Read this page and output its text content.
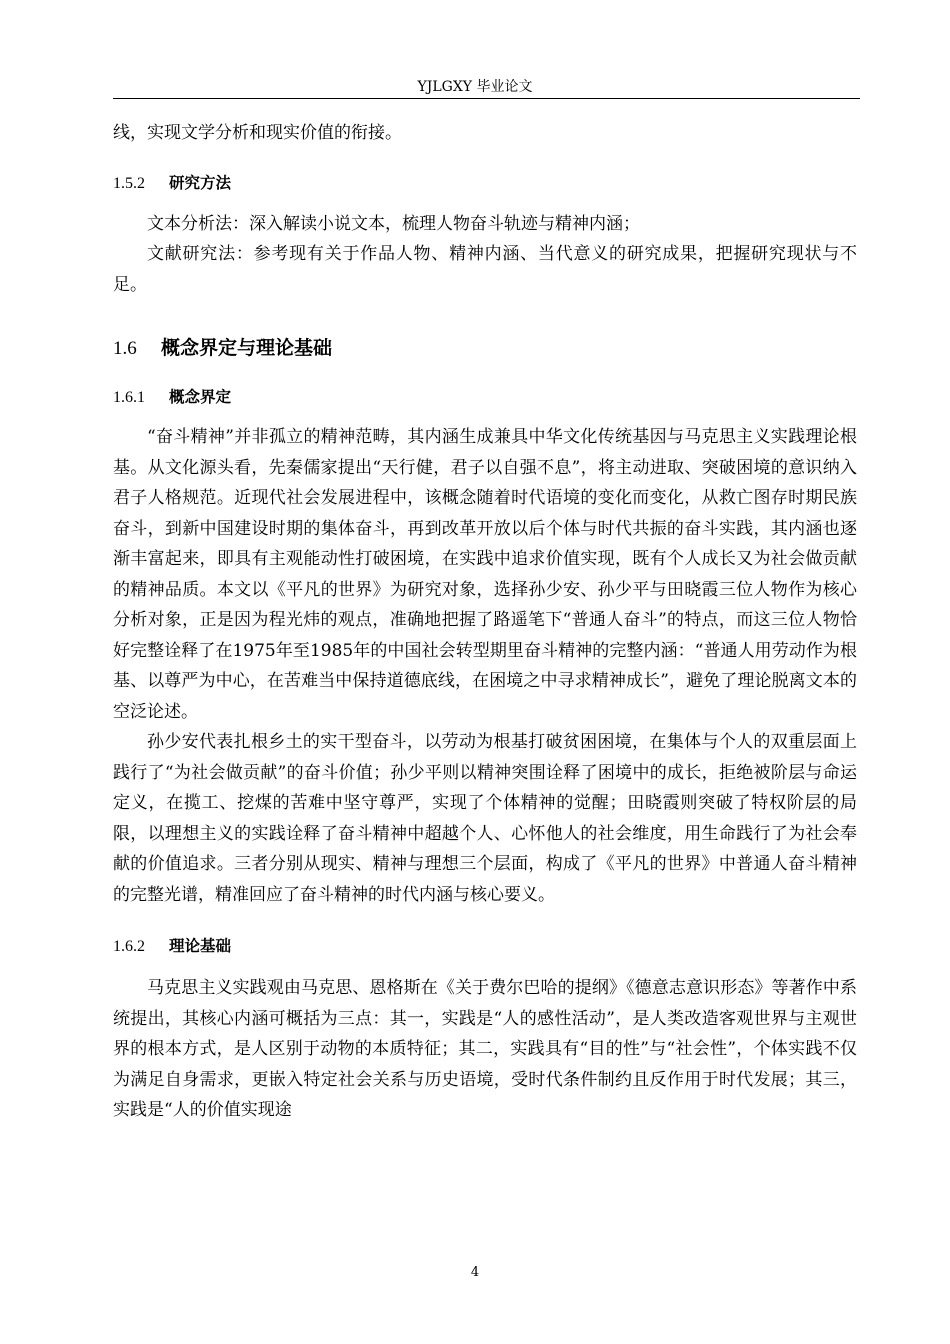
YJLGXY 毕业论文

线，实现文学分析和现实价值的衔接。

1.5.2 研究方法

文本分析法：深入解读小说文本，梳理人物奋斗轨迹与精神内涵；

文献研究法：参考现有关于作品人物、精神内涵、当代意义的研究成果，把握研究现状与不足。

1.6 概念界定与理论基础
1.6.1 概念界定

“奋斗精神”并非孤立的精神范畴，其内涵生成兼具中华文化传统基因与马克思主义实践理论根基。从文化源头看，先秦儒家提出“天行健，君子以自强不息”，将主动进取、突破困境的意识纳入君子人格规范。近现代社会发展进程中，该概念随着时代语境的变化而变化，从救亡图存时期民族奋斗，到新中国建设时期的集体奋斗，再到改革开放以后个体与时代共振的奋斗实践，其内涵也逐渐丰富起来，即具有主观能动性打破困境，在实践中追求价值实现，既有个人成长又为社会做贡献的精神品质。本文以《平凡的世界》为研究对象，选择孙少安、孙少平与田晓霞三位人物作为核心分析对象，正是因为程光炜的观点，准确地把握了路遥笔下“普通人奋斗”的特点，而这三位人物恰好完整诠释了在1975年至1985年的中国社会转型期里奋斗精神的完整内涵：“普通人用劳动作为根基、以尊严为中心，在苦难当中保持道德底线，在困境之中寻求精神成长”，避免了理论脱离文本的空泛论述。

孙少安代表扎根乡土的实干型奋斗，以劳动为根基打破贫困困境，在集体与个人的双重层面上践行了“为社会做贡献”的奋斗价值；孙少平则以精神突围诠释了困境中的成长，拒绝被阶层与命运定义，在揽工、挖煤的苦难中坚守尊严，实现了个体精神的觉醒；田晓霞则突破了特权阶层的局限，以理想主义的实践诠释了奋斗精神中超越个人、心怀他人的社会维度，用生命践行了为社会奉献的价值追求。三者分别从现实、精神与理想三个层面，构成了《平凡的世界》中普通人奋斗精神的完整光谱，精准回应了奋斗精神的时代内涵与核心要义。

1.6.2 理论基础

马克思主义实践观由马克思、恩格斯在《关于费尔巴哈的提纲》《德意志意识形态》等著作中系统提出，其核心内涵可概括为三点：其一，实践是“人的感性活动”，是人类改造客观世界与主观世界的根本方式，是人区别于动物的本质特征；其二，实践具有“目的性”与“社会性”，个体实践不仅为满足自身需求，更嵌入特定社会关系与历史语境，受时代条件制约且反作用于时代发展；其三，实践是“人的价值实现途

4
